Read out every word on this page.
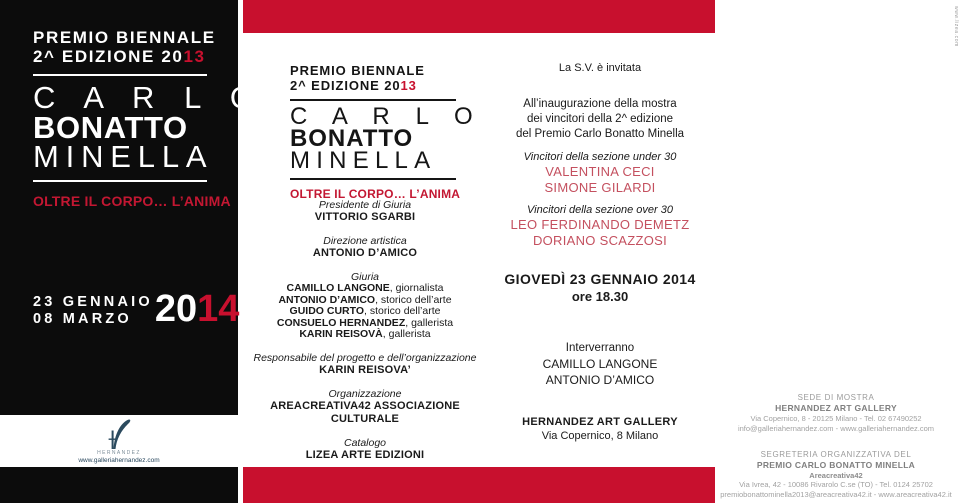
PREMIO BIENNALE
2^ EDIZIONE 2013
C A R L O
BONATTO
MINELLA
OLTRE IL CORPO… L’ANIMA
23 GENNAIO
08 MARZO 2014
HERNANDEZ
www.galleriahernandez.com
PREMIO BIENNALE
2^ EDIZIONE 2013
C A R L O
BONATTO
MINELLA
OLTRE IL CORPO… L’ANIMA
Presidente di Giuria
VITTORIO SGARBI
Direzione artistica
ANTONIO D’AMICO
Giuria
CAMILLO LANGONE, giornalista
ANTONIO D’AMICO, storico dell’arte
GUIDO CURTO, storico dell’arte
CONSUELO HERNANDEZ, gallerista
KARIN REISOVÀ, gallerista
Responsabile del progetto e dell’organizzazione
KARIN REISOVA’
Organizzazione
AREACREATIVA42 ASSOCIAZIONE CULTURALE
Catalogo
LIZEA ARTE EDIZIONI
La S.V. è invitata
All’inaugurazione della mostra
dei vincitori della 2^ edizione
del Premio Carlo Bonatto Minella
Vincitori della sezione under 30
VALENTINA CECI
SIMONE GILARDI
Vincitori della sezione over 30
LEO FERDINANDO DEMETZ
DORIANO SCAZZOSI
GIOVEDÌ 23 GENNAIO 2014
ore 18.30
Interverranno
CAMILLO LANGONE
ANTONIO D’AMICO
HERNANDEZ ART GALLERY
Via Copernico, 8 Milano
SEDE DI MOSTRA
HERNANDEZ ART GALLERY
Via Copernico, 8 - 20125 Milano - Tel. 02 67490252
info@galleriahernandez.com - www.galleriahernandez.com
SEGRETERIA ORGANIZZATIVA DEL
PREMIO CARLO BONATTO MINELLA
Areacreativa42
Via Ivrea, 42 - 10086 Rivarolo C.se (TO) - Tel. 0124 25702
premiobonattominella2013@areacreativa42.it - www.areacreativa42.it
www.lizea.com
